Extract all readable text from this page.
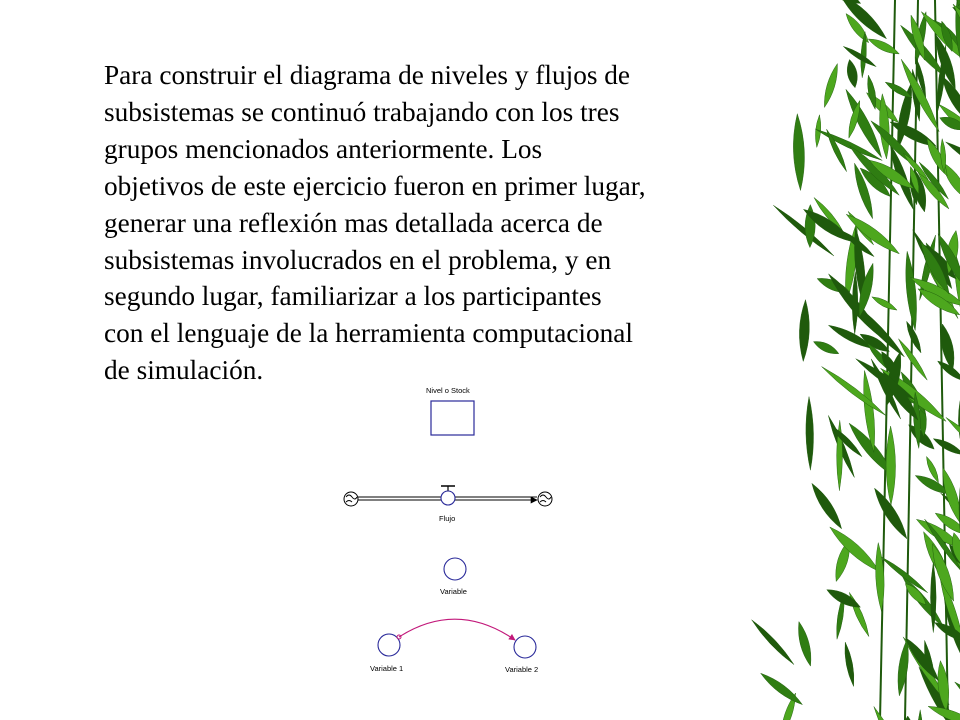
Para construir el diagrama de niveles y flujos de
subsistemas se continuó trabajando con los tres
grupos mencionados anteriormente. Los
objetivos de este ejercicio fueron en primer lugar,
generar una reflexión mas detallada acerca de
subsistemas involucrados en el problema, y en
segundo lugar, familiarizar a los participantes
con el lenguaje de la herramienta computacional
de simulación.

Nivel o Stock
Flujo
Variable
Variable 1	Variable 2
